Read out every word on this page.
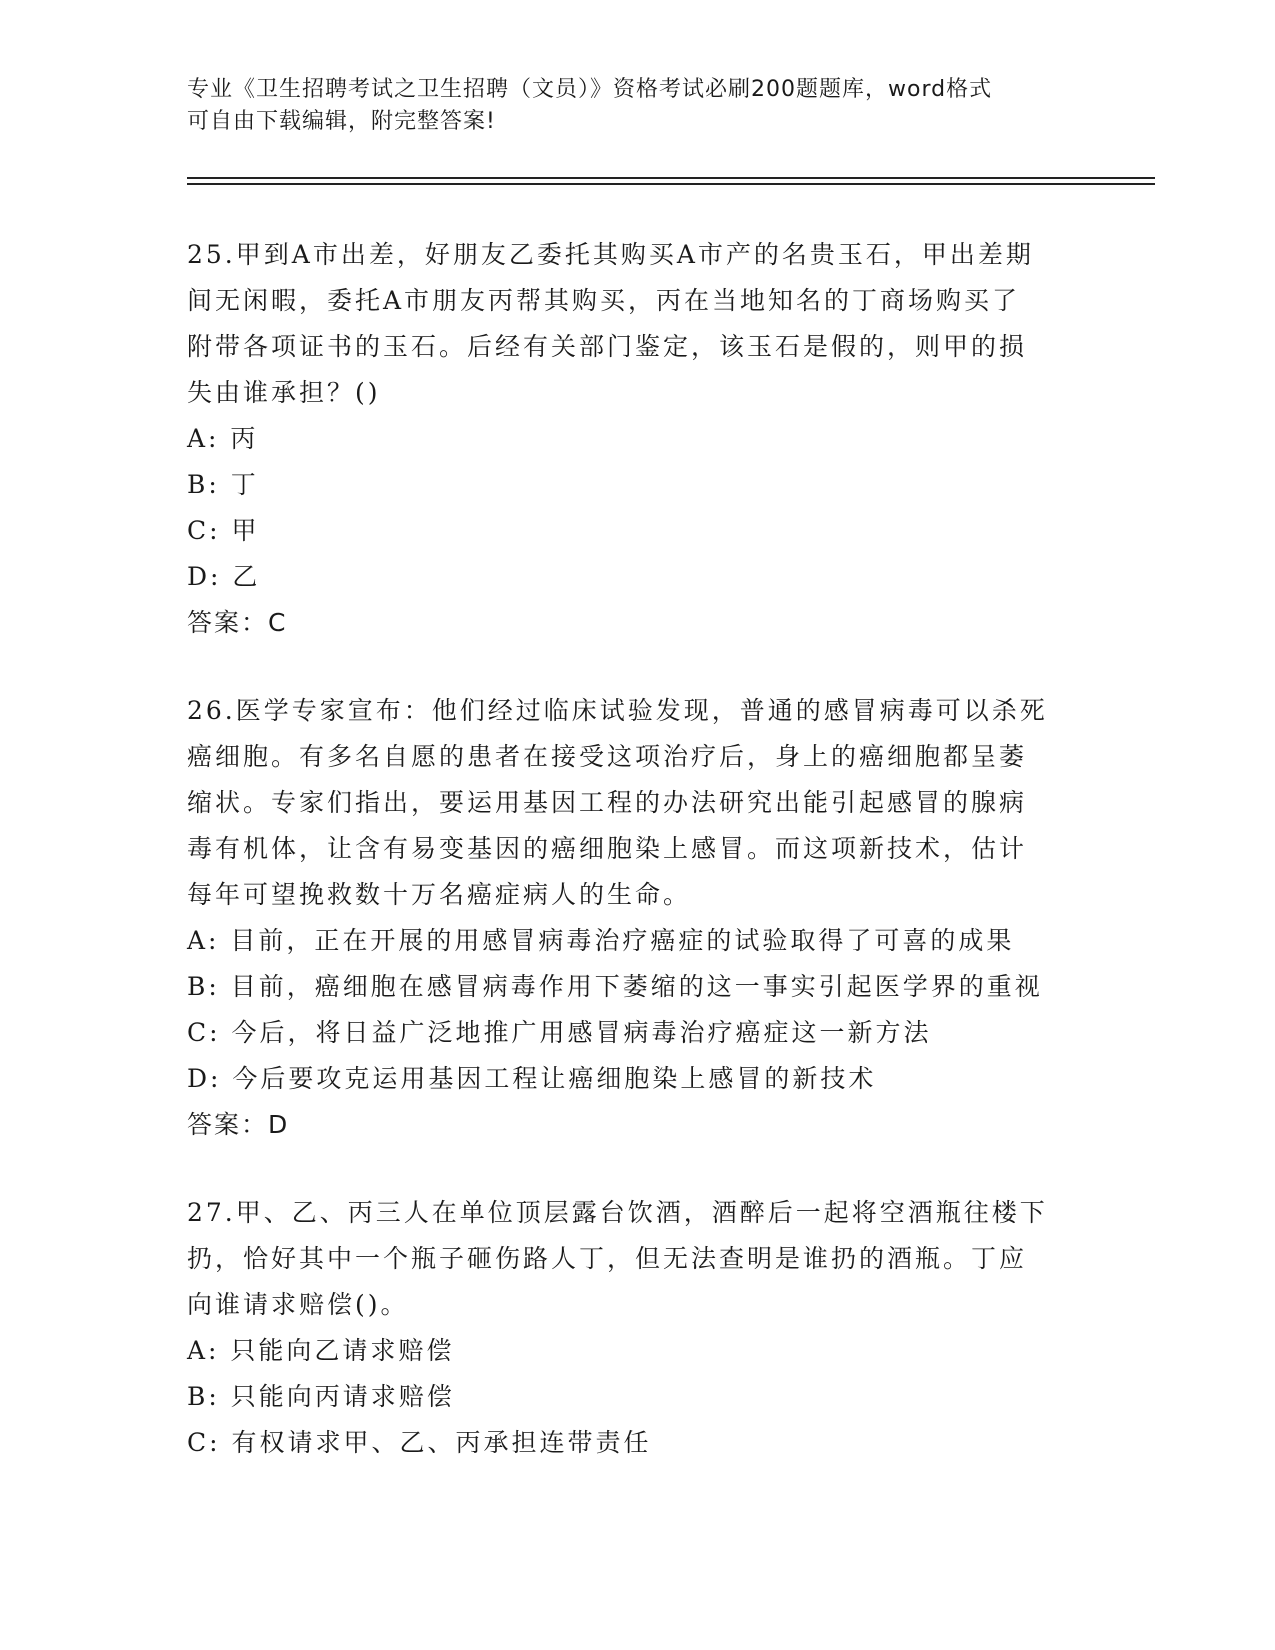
专业《卫生招聘考试之卫生招聘（文员）》资格考试必刷200题题库，word格式
可自由下载编辑，附完整答案!
25.甲到A市出差，好朋友乙委托其购买A市产的名贵玉石，甲出差期
间无闲暇，委托A市朋友丙帮其购买，丙在当地知名的丁商场购买了
附带各项证书的玉石。后经有关部门鉴定，该玉石是假的，则甲的损
失由谁承担？()
A: 丙
B: 丁
C: 甲
D: 乙
答案：C
26.医学专家宣布：他们经过临床试验发现，普通的感冒病毒可以杀死
癌细胞。有多名自愿的患者在接受这项治疗后，身上的癌细胞都呈萎
缩状。专家们指出，要运用基因工程的办法研究出能引起感冒的腺病
毒有机体，让含有易变基因的癌细胞染上感冒。而这项新技术，估计
每年可望挽救数十万名癌症病人的生命。
A: 目前，正在开展的用感冒病毒治疗癌症的试验取得了可喜的成果
B: 目前，癌细胞在感冒病毒作用下萎缩的这一事实引起医学界的重视
C: 今后，将日益广泛地推广用感冒病毒治疗癌症这一新方法
D: 今后要攻克运用基因工程让癌细胞染上感冒的新技术
答案：D
27.甲、乙、丙三人在单位顶层露台饮酒，酒醉后一起将空酒瓶往楼下
扔，恰好其中一个瓶子砸伤路人丁，但无法查明是谁扔的酒瓶。丁应
向谁请求赔偿()。
A: 只能向乙请求赔偿
B: 只能向丙请求赔偿
C: 有权请求甲、乙、丙承担连带责任
